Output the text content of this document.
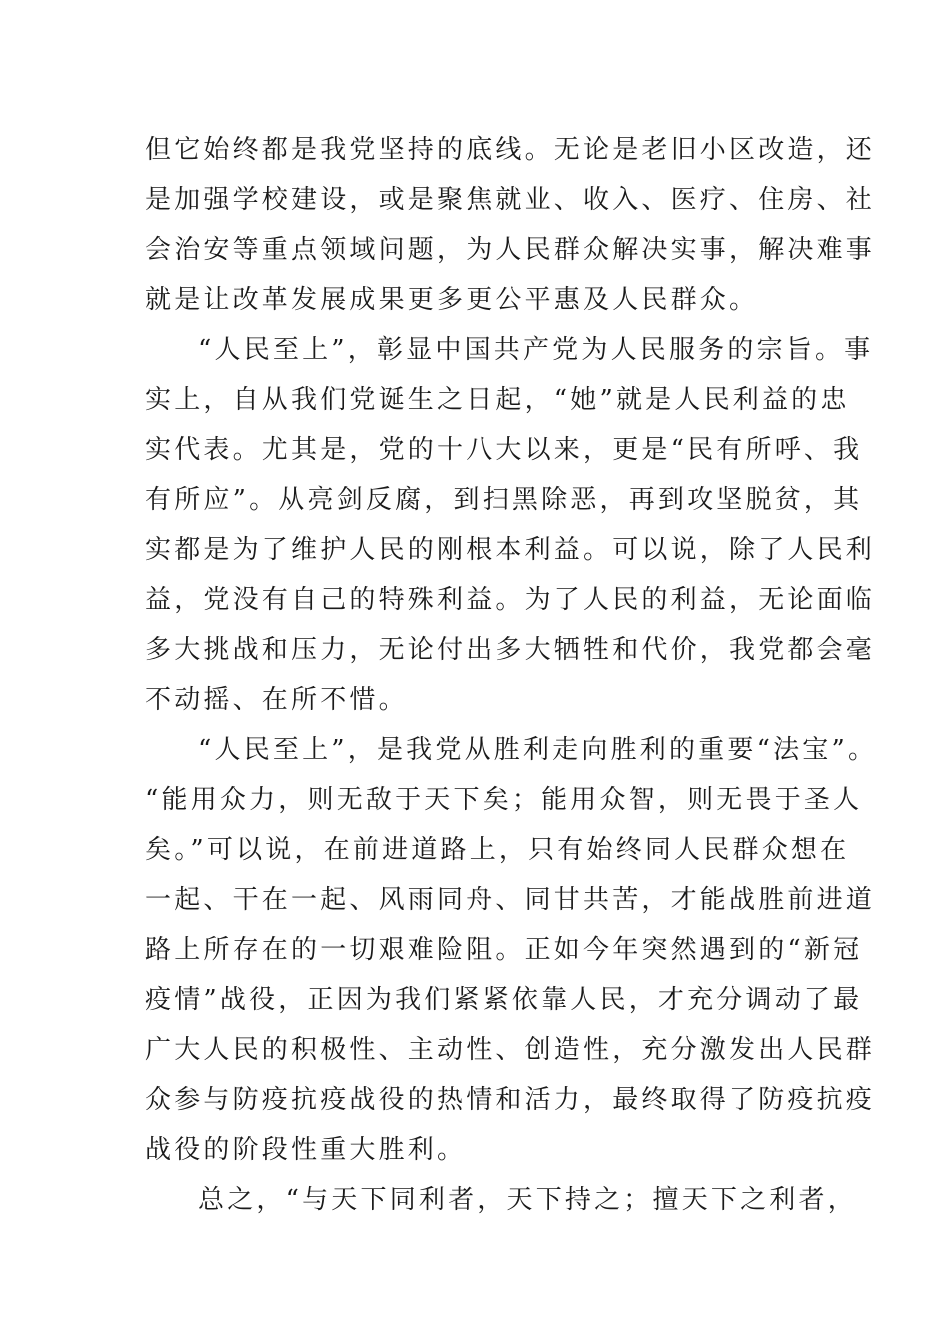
但它始终都是我党坚持的底线。无论是老旧小区改造，还
是加强学校建设，或是聚焦就业、收入、医疗、住房、社
会治安等重点领域问题，为人民群众解决实事，解决难事
就是让改革发展成果更多更公平惠及人民群众。
“人民至上”，彰显中国共产党为人民服务的宗旨。事
实上，自从我们党诞生之日起，“她”就是人民利益的忠
实代表。尤其是，党的十八大以来，更是“民有所呼、我
有所应”。从亮剑反腐，到扫黑除恶，再到攻坚脱贫，其
实都是为了维护人民的刚根本利益。可以说，除了人民利
益，党没有自己的特殊利益。为了人民的利益，无论面临
多大挑战和压力，无论付出多大牺牲和代价，我党都会毫
不动摇、在所不惜。
“人民至上”，是我党从胜利走向胜利的重要“法宝”。
“能用众力，则无敌于天下矣；能用众智，则无畏于圣人
矣。”可以说，在前进道路上，只有始终同人民群众想在
一起、干在一起、风雨同舟、同甘共苦，才能战胜前进道
路上所存在的一切艰难险阻。正如今年突然遇到的“新冠
疫情”战役，正因为我们紧紧依靠人民，才充分调动了最
广大人民的积极性、主动性、创造性，充分激发出人民群
众参与防疫抗疫战役的热情和活力，最终取得了防疫抗疫
战役的阶段性重大胜利。
总之，“与天下同利者，天下持之；擅天下之利者，
